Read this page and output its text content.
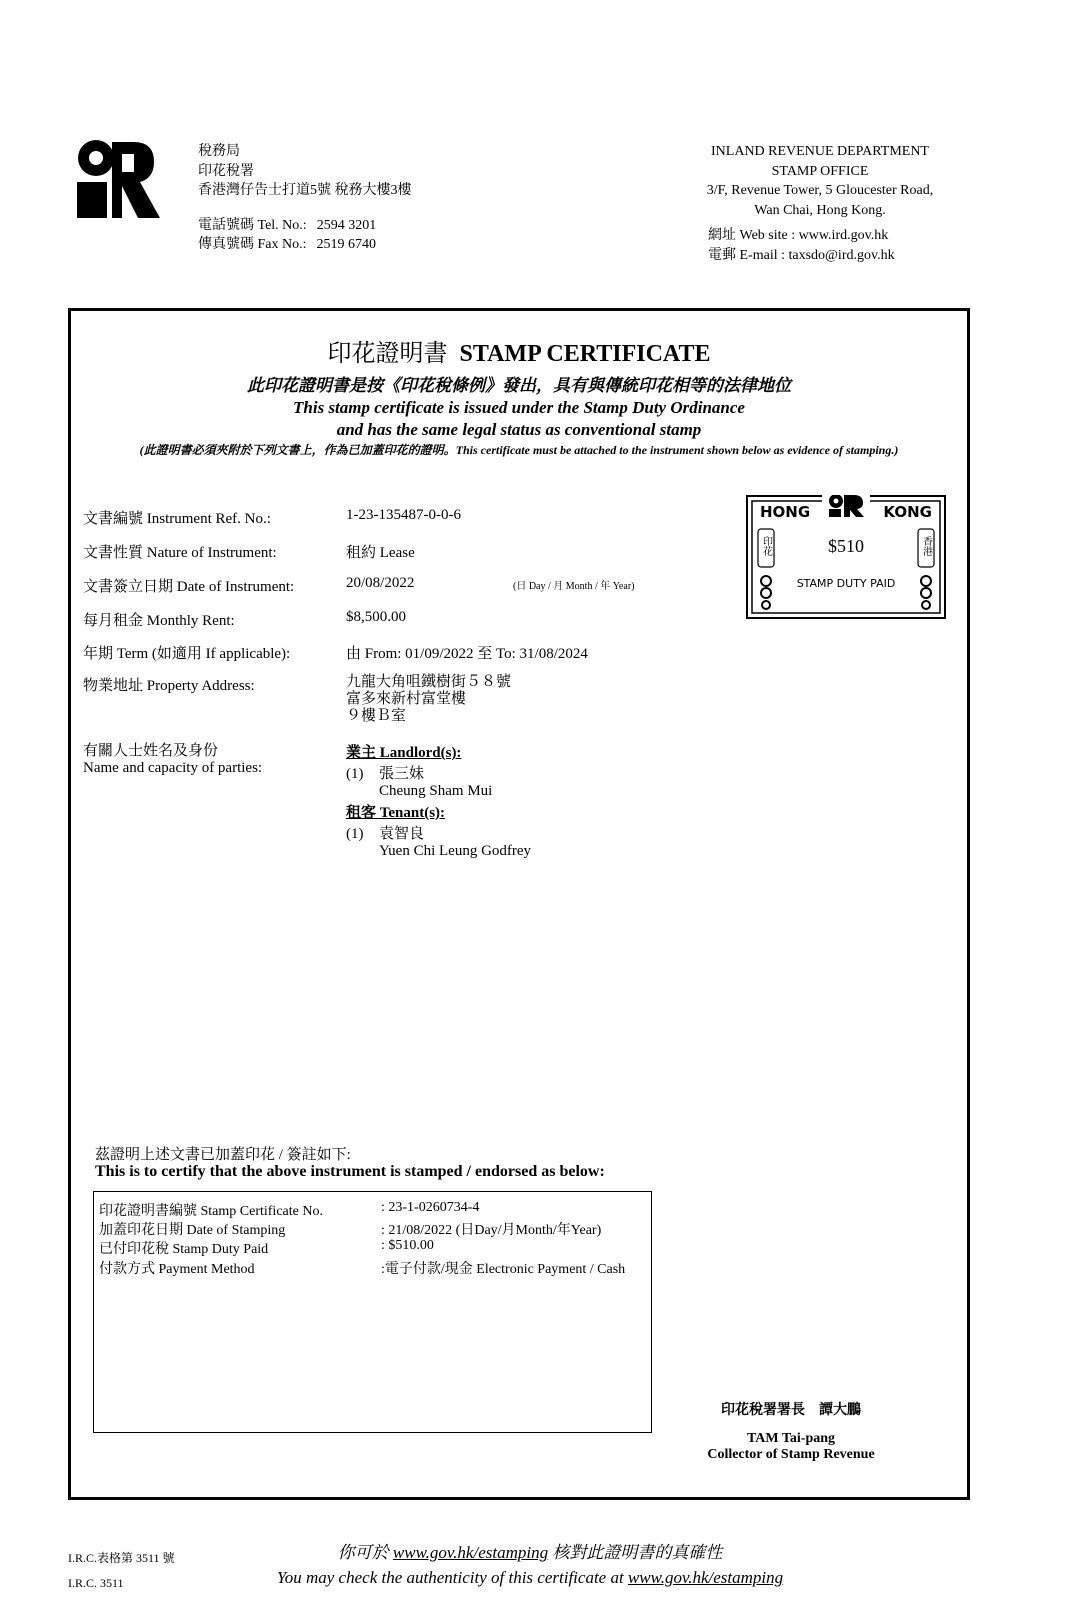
稅務局
印花稅署
香港灣仔告士打道5號 稅務大樓3樓
電話號碼 Tel. No.: 2594 3201
傳真號碼 Fax No.: 2519 6740
INLAND REVENUE DEPARTMENT
STAMP OFFICE
3/F, Revenue Tower, 5 Gloucester Road,
Wan Chai, Hong Kong.
網址 Web site : www.ird.gov.hk
電郵 E-mail : taxsdo@ird.gov.hk
印花證明書 STAMP CERTIFICATE
此印花證明書是按《印花稅條例》發出，具有與傳統印花相等的法律地位
This stamp certificate is issued under the Stamp Duty Ordinance
and has the same legal status as conventional stamp
(此證明書必須夾附於下列文書上，作為已加蓋印花的證明。This certificate must be attached to the instrument shown below as evidence of stamping.)
文書編號 Instrument Ref. No.:	1-23-135487-0-0-6
文書性質 Nature of Instrument:	租約 Lease
文書簽立日期 Date of Instrument:	20/08/2022	(日 Day / 月 Month / 年 Year)
每月租金 Monthly Rent:	$8,500.00
年期 Term (如適用 If applicable):	由 From: 01/09/2022 至 To: 31/08/2024
物業地址 Property Address:	九龍大角咀鐵樹街５８號
富多來新村富堂樓
９樓Ｂ室
有關人士姓名及身份
Name and capacity of parties:
業主 Landlord(s):
(1) 張三妹
Cheung Sham Mui
租客 Tenant(s):
(1) 袁智良
Yuen Chi Leung Godfrey
HONG	KONG
印花	香港
$510
STAMP DUTY PAID
茲證明上述文書已加蓋印花 / 簽註如下:
This is to certify that the above instrument is stamped / endorsed as below:
印花證明書編號 Stamp Certificate No.	: 23-1-0260734-4
加蓋印花日期 Date of Stamping	: 21/08/2022 (日Day/月Month/年Year)
已付印花稅 Stamp Duty Paid	: $510.00
付款方式 Payment Method	:電子付款/現金 Electronic Payment / Cash
印花稅署署長　譚大鵬
TAM Tai-pang
Collector of Stamp Revenue
I.R.C.表格第 3511 號
I.R.C. 3511
你可於 www.gov.hk/estamping 核對此證明書的真確性
You may check the authenticity of this certificate at www.gov.hk/estamping
